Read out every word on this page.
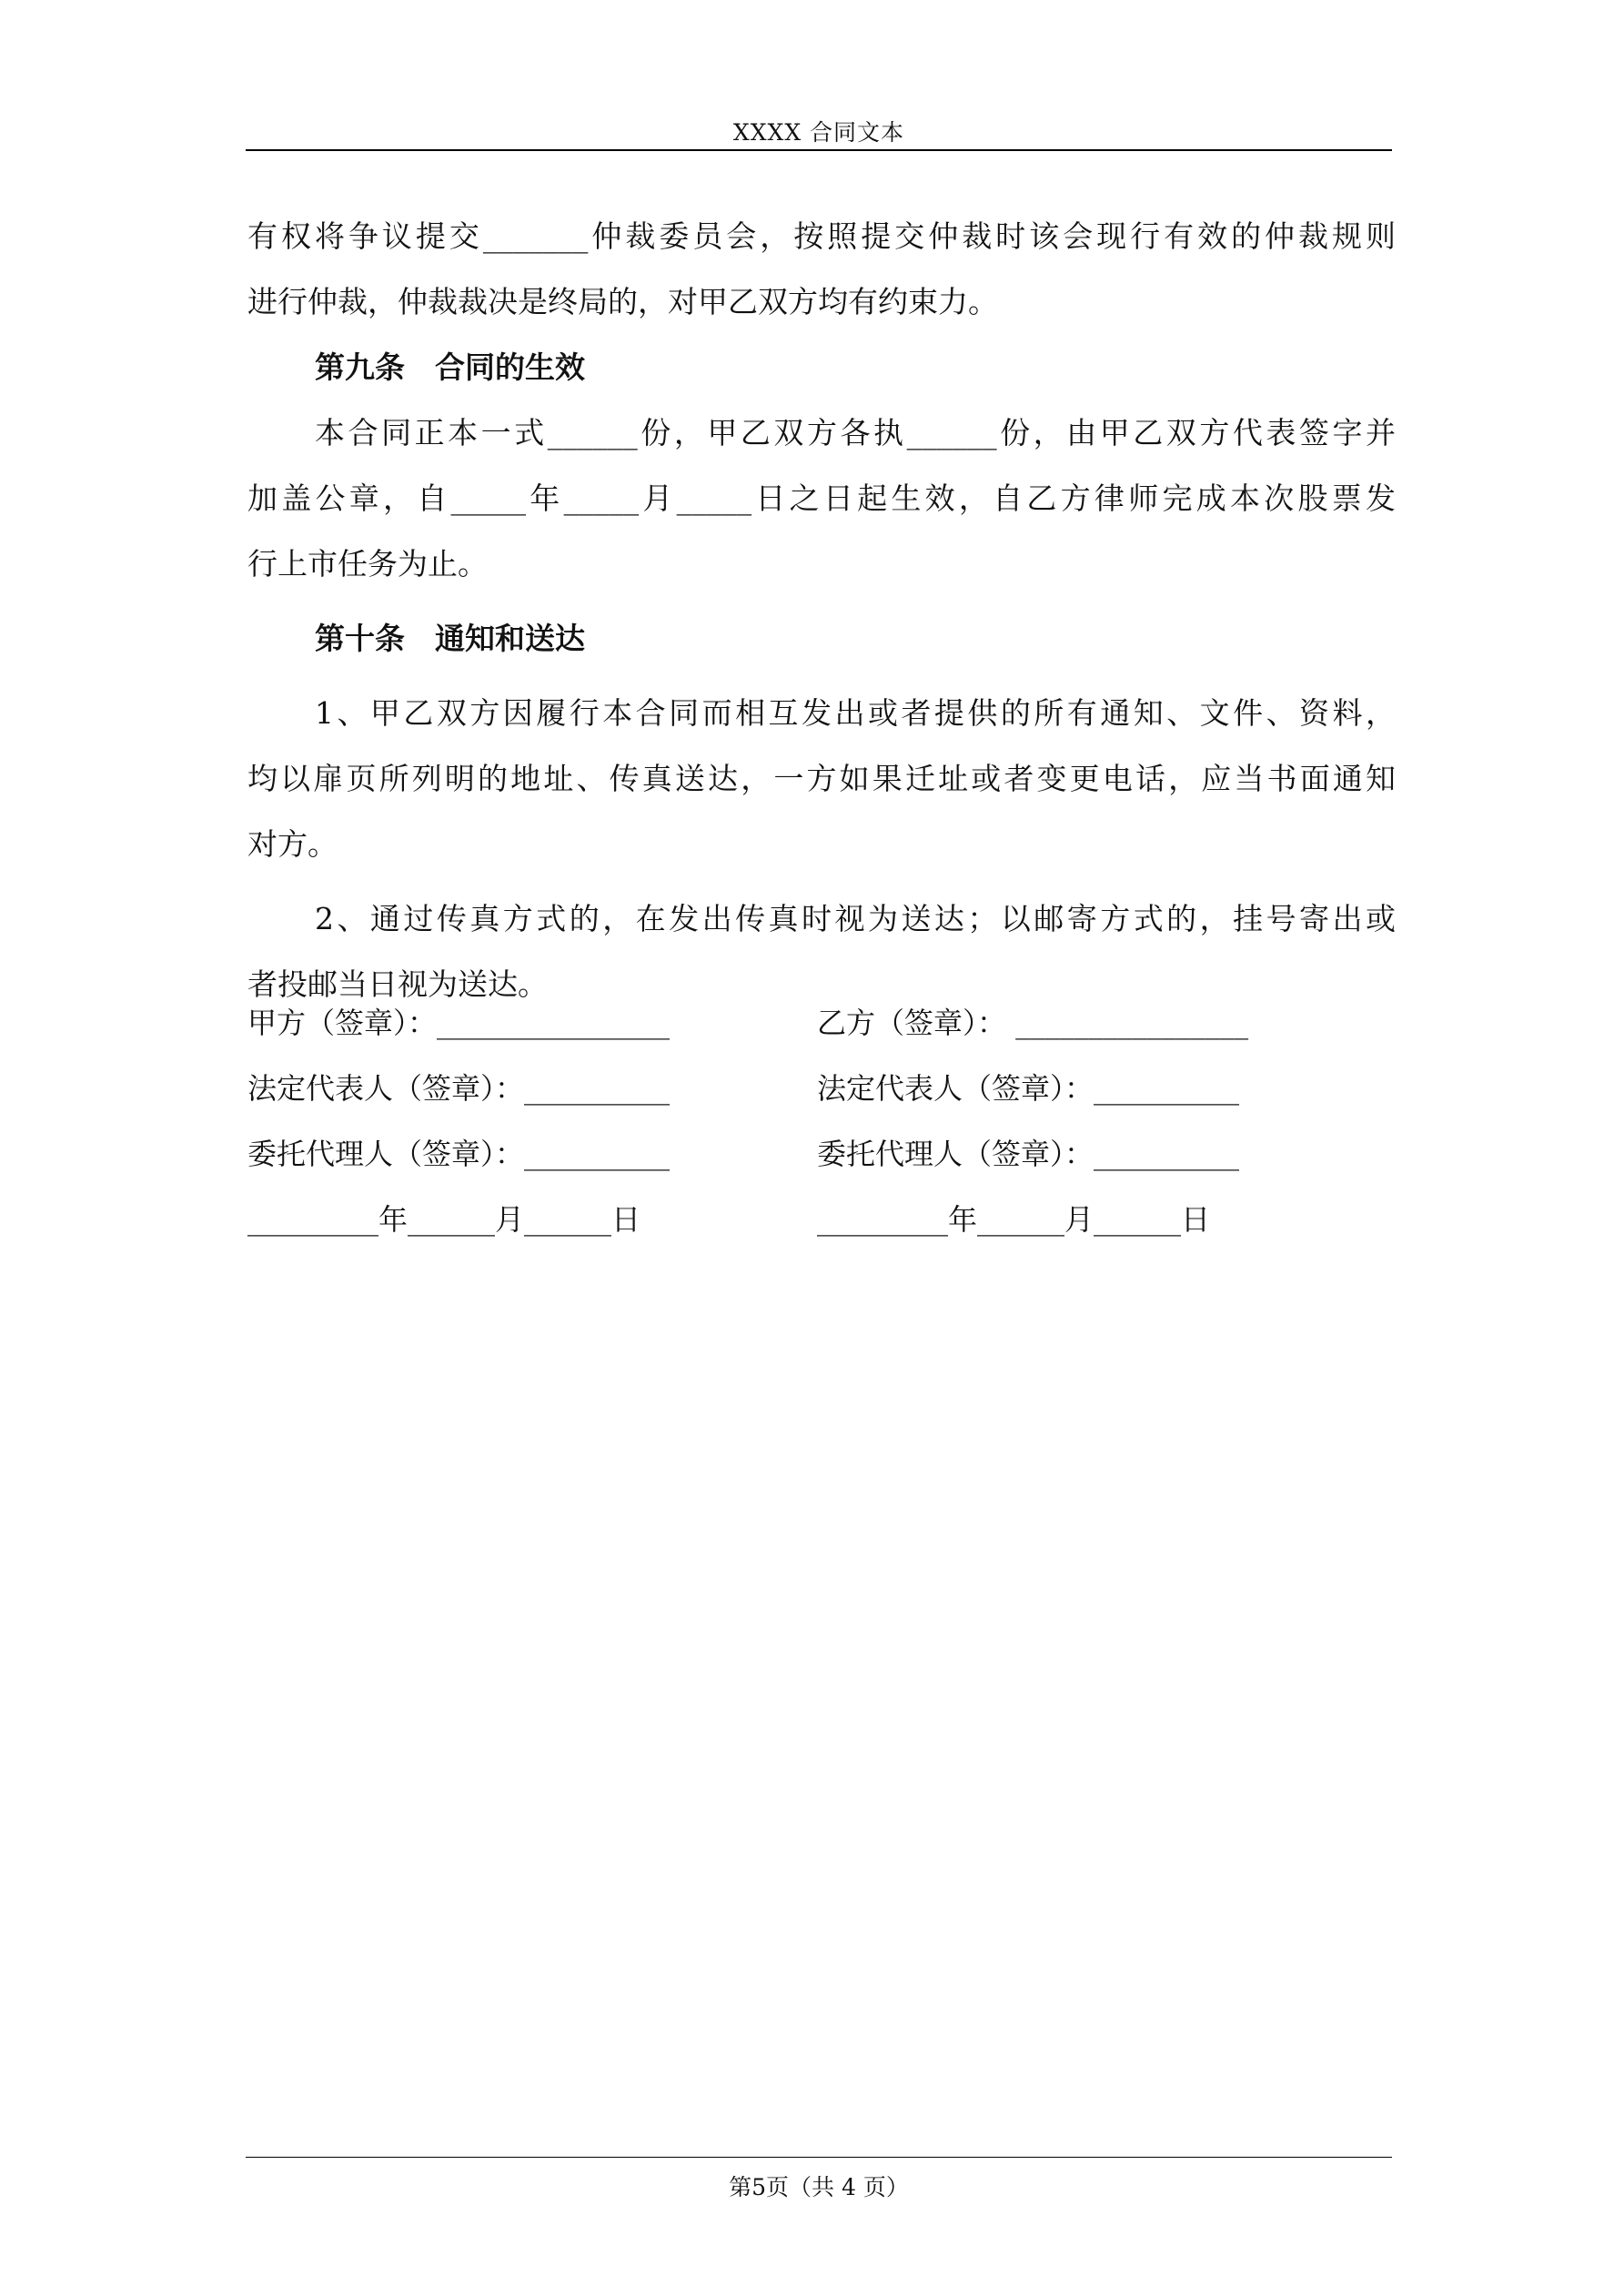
XXXX 合同文本
有权将争议提交_______仲裁委员会，按照提交仲裁时该会现行有效的仲裁规则
进行仲裁，仲裁裁决是终局的，对甲乙双方均有约束力。
第九条　合同的生效
本合同正本一式______份，甲乙双方各执______份，由甲乙双方代表签字并
加盖公章，自_____年_____月_____日之日起生效，自乙方律师完成本次股票发
行上市任务为止。
第十条　通知和送达
1、甲乙双方因履行本合同而相互发出或者提供的所有通知、文件、资料，
均以扉页所列明的地址、传真送达，一方如果迁址或者变更电话，应当书面通知
对方。
2、通过传真方式的，在发出传真时视为送达；以邮寄方式的，挂号寄出或
者投邮当日视为送达。
甲方（签章）：________________
法定代表人（签章）：__________
委托代理人（签章）：__________
_________年______月______日
乙方（签章）： ________________
法定代表人（签章）：__________
委托代理人（签章）：__________
_________年______月______日
第5页（共 4 页）
